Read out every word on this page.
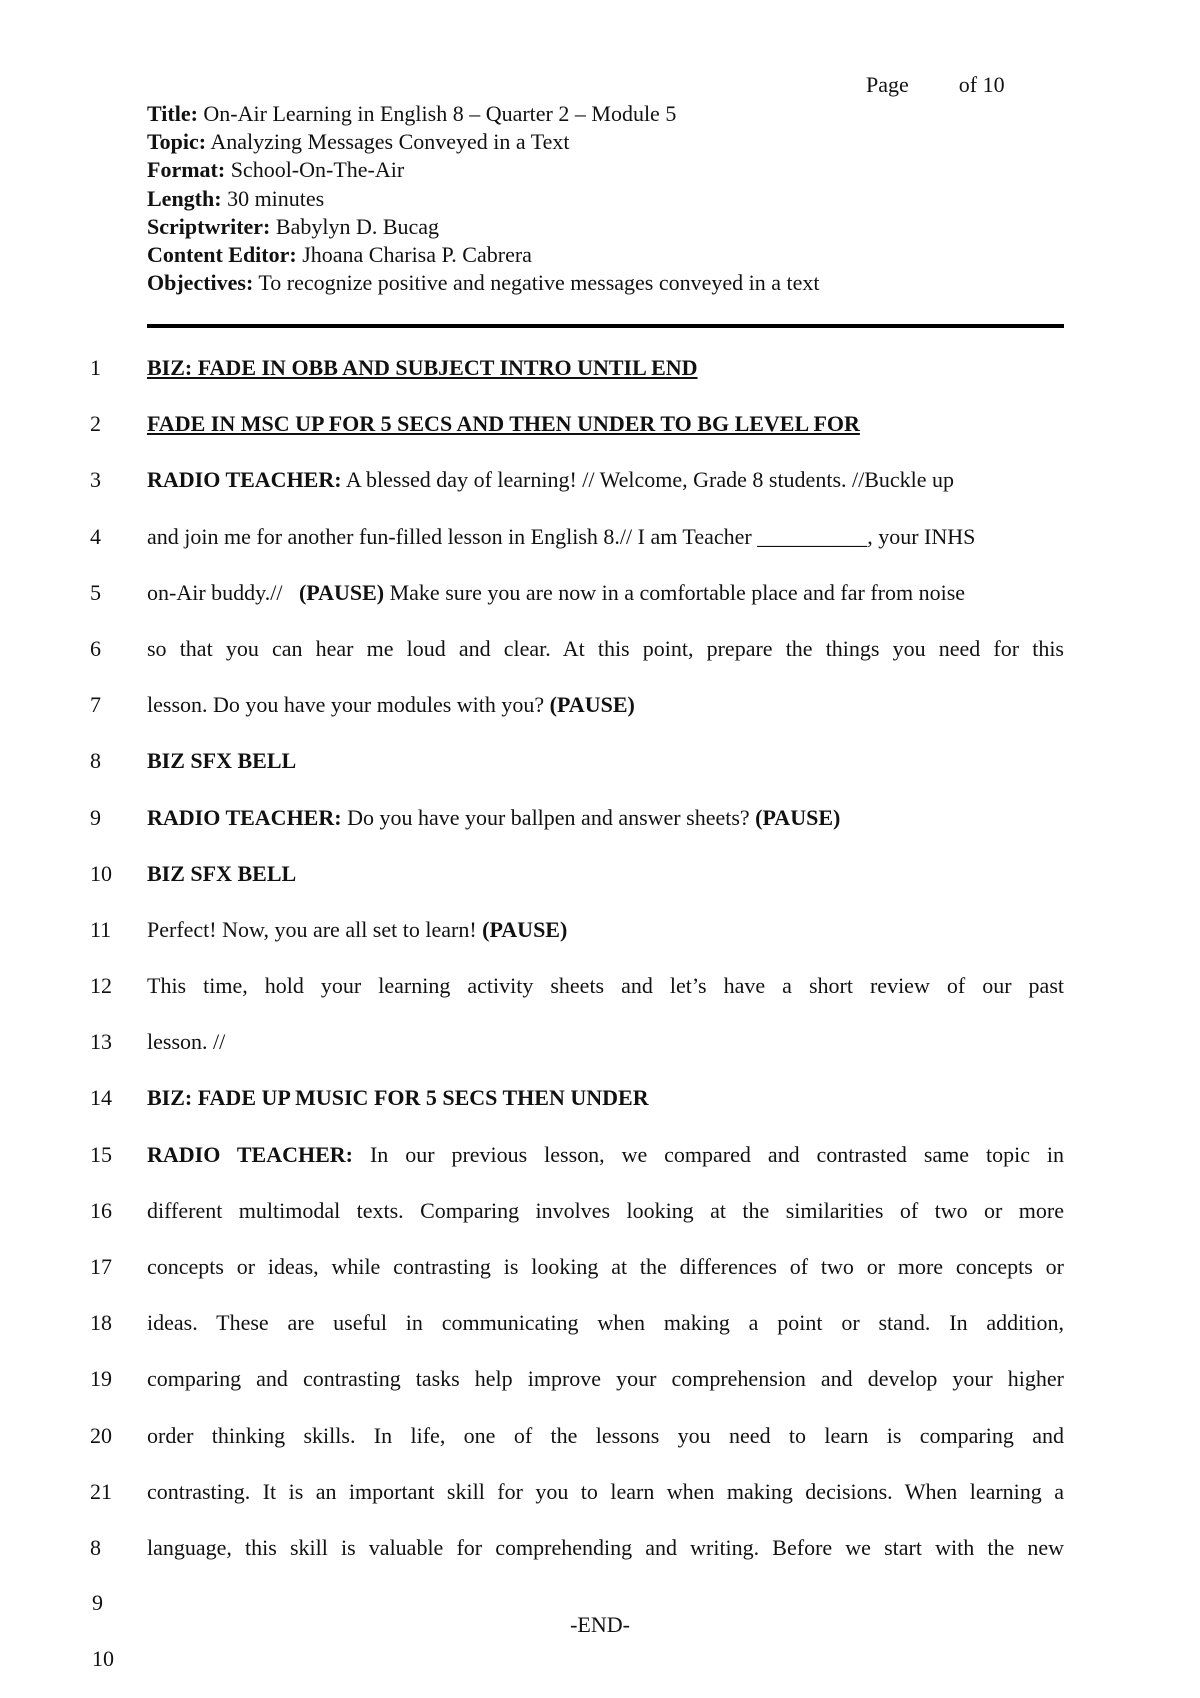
Page of 10
Title: On-Air Learning in English 8 – Quarter 2 – Module 5
Topic: Analyzing Messages Conveyed in a Text
Format: School-On-The-Air
Length: 30 minutes
Scriptwriter: Babylyn D. Bucag
Content Editor: Jhoana Charisa P. Cabrera
Objectives: To recognize positive and negative messages conveyed in a text
1	BIZ: FADE IN OBB AND SUBJECT INTRO UNTIL END
2	FADE IN MSC UP FOR 5 SECS AND THEN UNDER TO BG LEVEL FOR
3	RADIO TEACHER: A blessed day of learning! // Welcome, Grade 8 students. //Buckle up
4	and join me for another fun-filled lesson in English 8.// I am Teacher __________, your INHS
5	on-Air buddy.// (PAUSE) Make sure you are now in a comfortable place and far from noise
6	so that you can hear me loud and clear. At this point, prepare the things you need for this
7	lesson. Do you have your modules with you? (PAUSE)
8	BIZ SFX BELL
9	RADIO TEACHER: Do you have your ballpen and answer sheets? (PAUSE)
10	BIZ SFX BELL
11	Perfect! Now, you are all set to learn! (PAUSE)
12	This time, hold your learning activity sheets and let’s have a short review of our past
13	lesson. //
14	BIZ: FADE UP MUSIC FOR 5 SECS THEN UNDER
15	RADIO TEACHER: In our previous lesson, we compared and contrasted same topic in
16	different multimodal texts. Comparing involves looking at the similarities of two or more
17	concepts or ideas, while contrasting is looking at the differences of two or more concepts or
18	ideas. These are useful in communicating when making a point or stand. In addition,
19	comparing and contrasting tasks help improve your comprehension and develop your higher
20	order thinking skills. In life, one of the lessons you need to learn is comparing and
21	contrasting. It is an important skill for you to learn when making decisions. When learning a
8	language, this skill is valuable for comprehending and writing. Before we start with the new
9
-END-
10
